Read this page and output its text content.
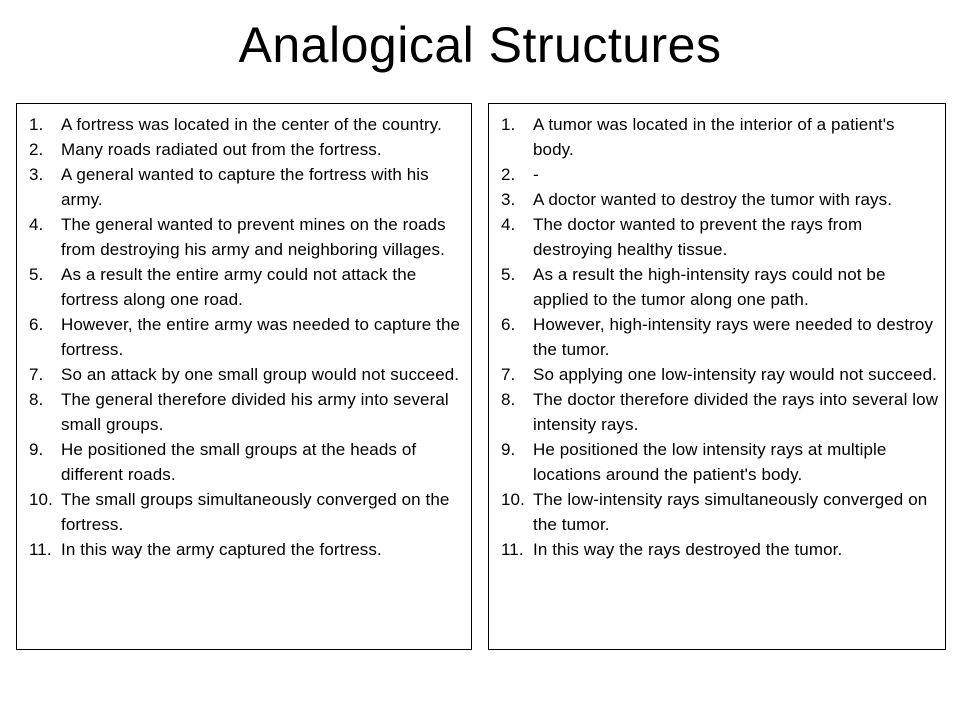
Analogical Structures
1.	A fortress was located in the center of the country.
2.	Many roads radiated out from the fortress.
3.	A general wanted to capture the fortress with his army.
4.	The general wanted to prevent mines on the roads from destroying his army and neighboring villages.
5.	As a result the entire army could not attack the fortress along one road.
6.	However, the entire army was needed to capture the fortress.
7.	So an attack by one small group would not succeed.
8.	The general therefore divided his army into several small groups.
9.	He positioned the small groups at the heads of different roads.
10. The small groups simultaneously converged on the fortress.
11. In this way the army captured the fortress.
1.	A tumor was located in the interior of a patient's body.
2.	-
3.	A doctor wanted to destroy the tumor with rays.
4.	The doctor wanted to prevent the rays from destroying healthy tissue.
5.	As a result the high-intensity rays could not be applied to the tumor along one path.
6.	However, high-intensity rays were needed to destroy the tumor.
7.	So applying one low-intensity ray would not succeed.
8.	The doctor therefore divided the rays into several low intensity rays.
9.	He positioned the low intensity rays at multiple locations around the patient's body.
10. The low-intensity rays simultaneously converged on the tumor.
11. In this way the rays destroyed the tumor.
